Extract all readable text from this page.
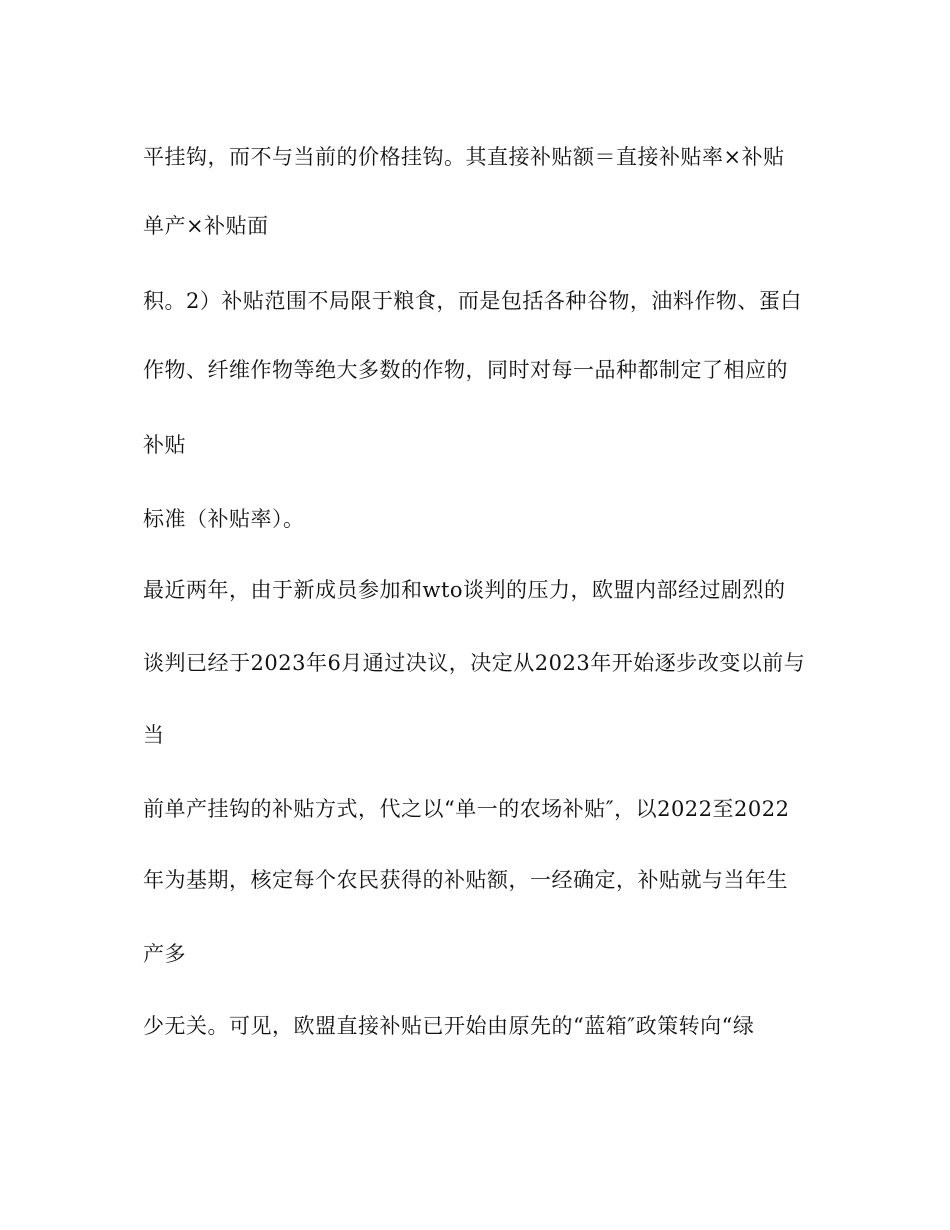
平挂钩，而不与当前的价格挂钩。其直接补贴额＝直接补贴率×补贴

单产×补贴面

积。2）补贴范围不局限于粮食，而是包括各种谷物，油料作物、蛋白

作物、纤维作物等绝大多数的作物，同时对每一品种都制定了相应的

补贴

标准（补贴率）。

最近两年，由于新成员参加和wto谈判的压力，欧盟内部经过剧烈的

谈判已经于2023年6月通过决议，决定从2023年开始逐步改变以前与

当

前单产挂钩的补贴方式，代之以“单一的农场补贴″，以2022至2022

年为基期，核定每个农民获得的补贴额，一经确定，补贴就与当年生

产多

少无关。可见，欧盟直接补贴已开始由原先的“蓝箱″政策转向“绿
